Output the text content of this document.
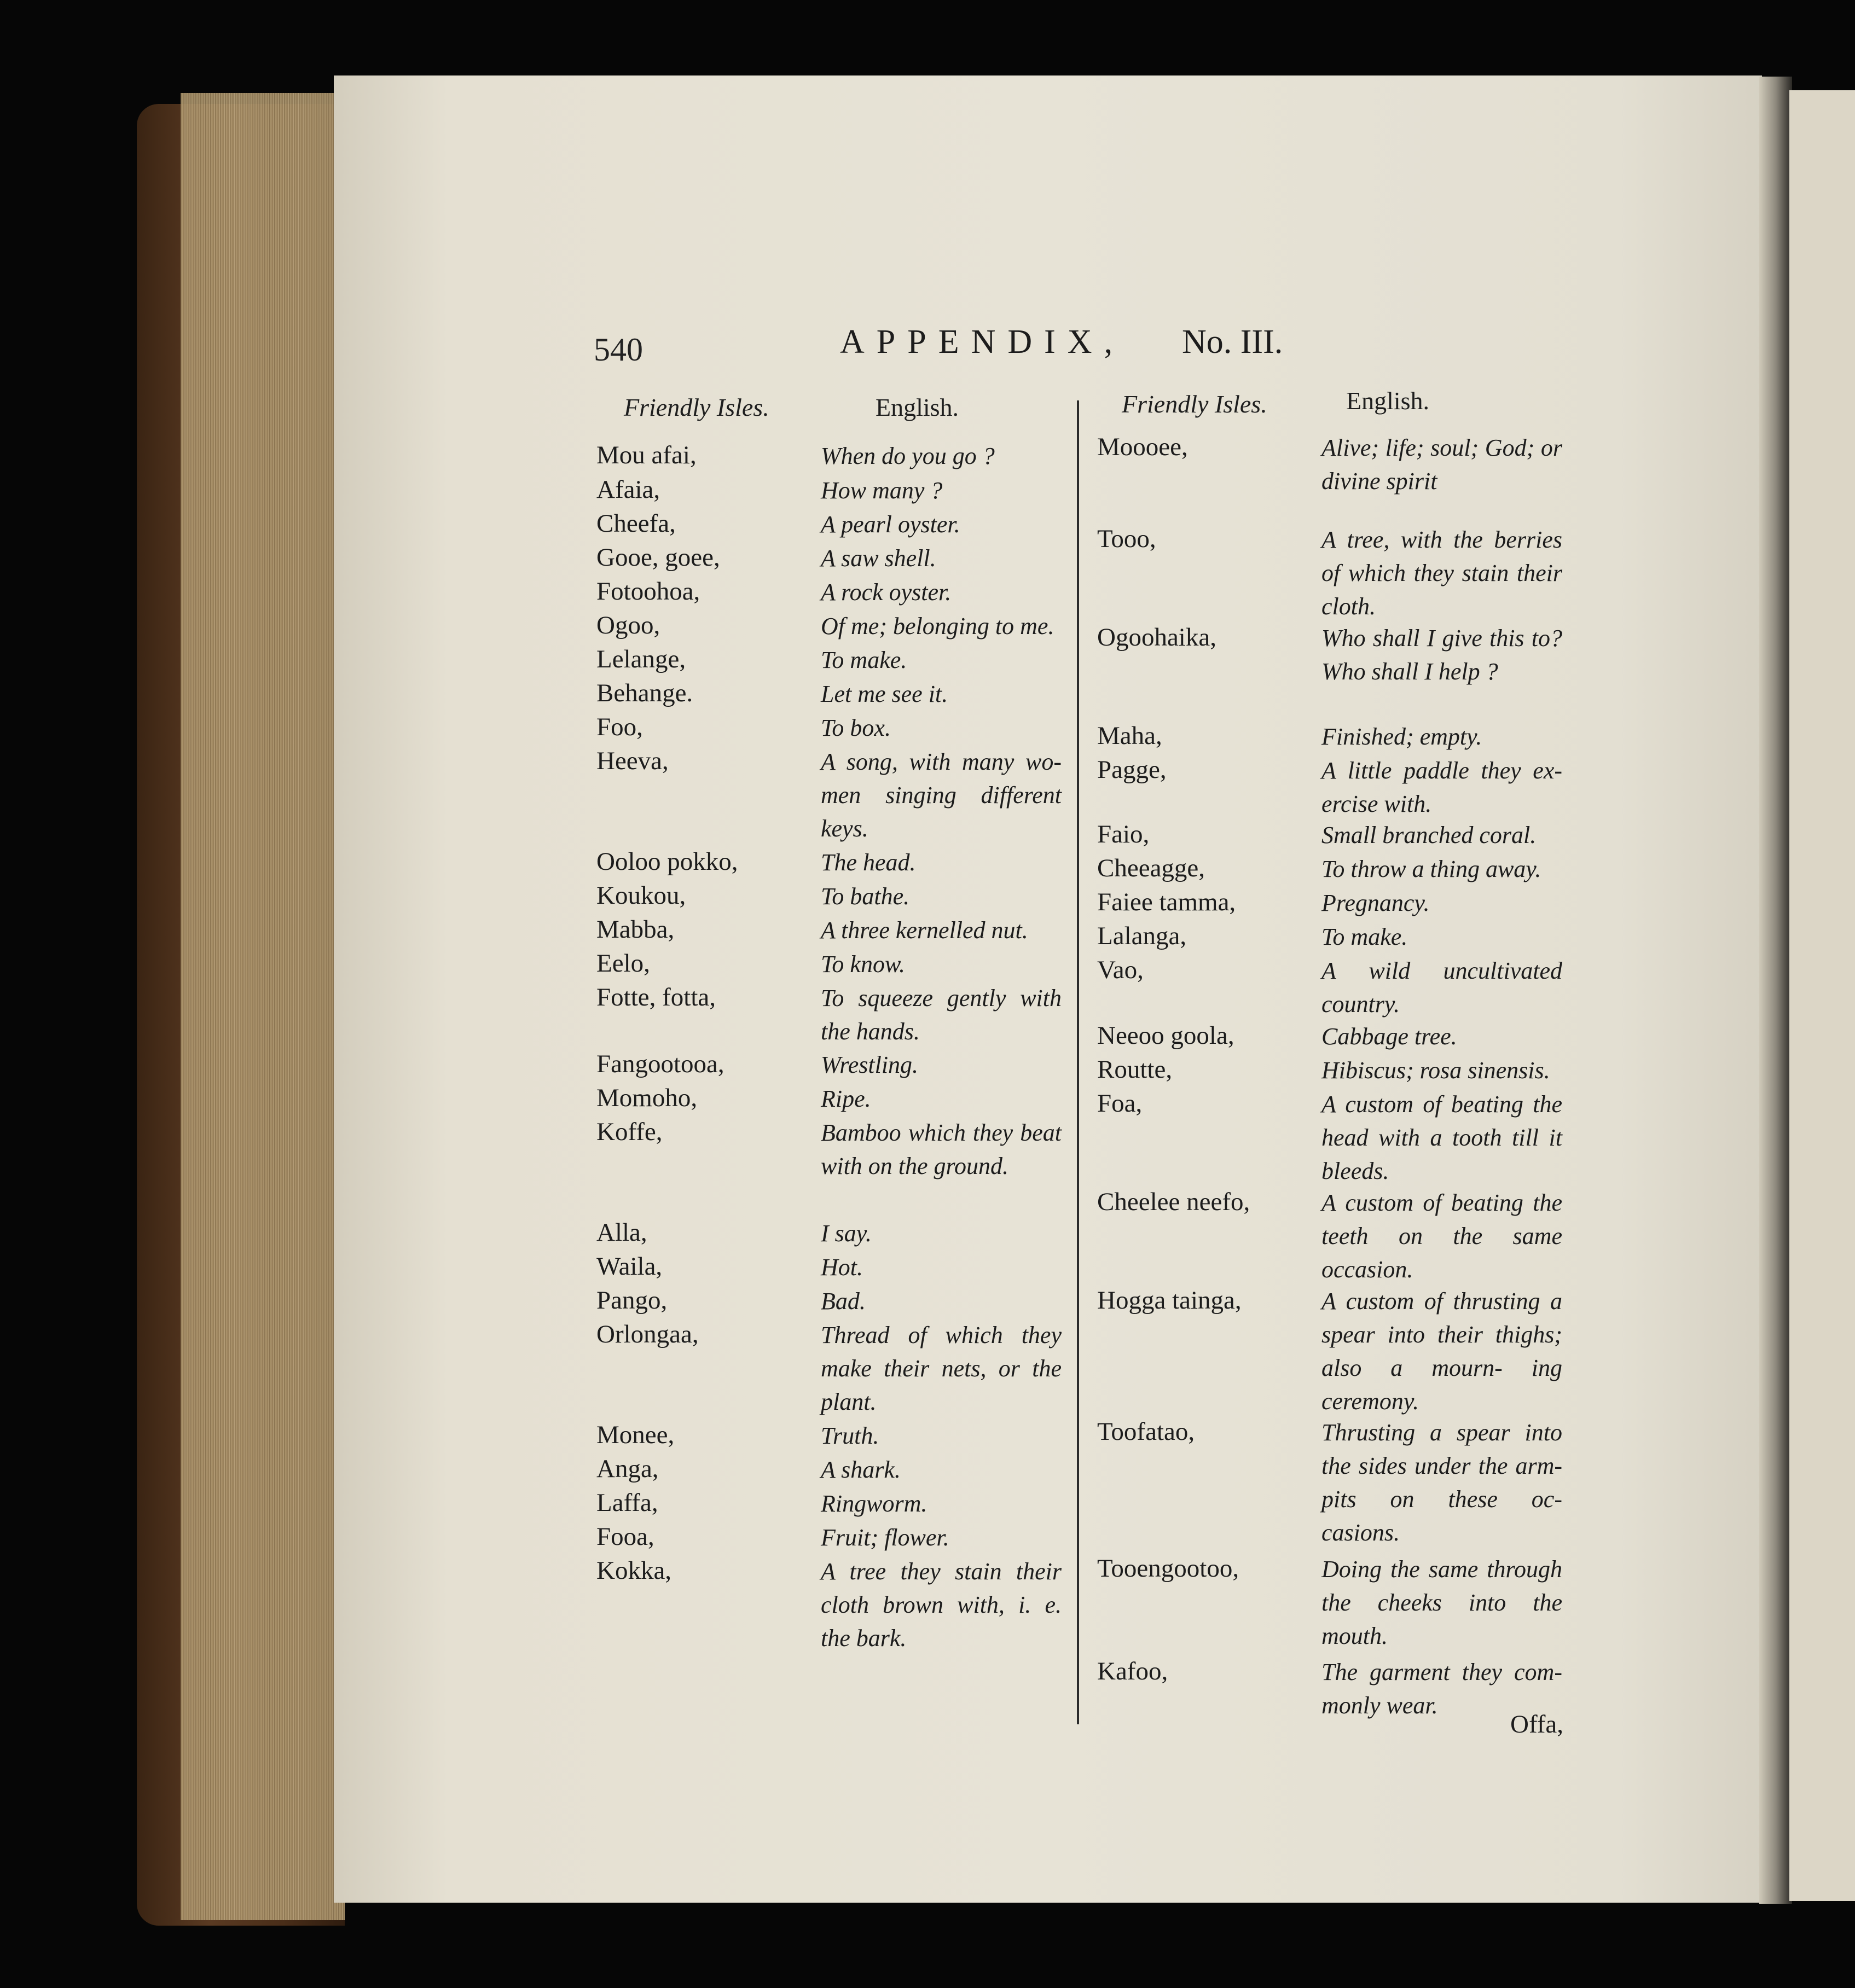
540	APPENDIX, No. III.
Friendly Isles.	English.	Friendly Isles.	English.
Mou afai,	When do you go ?
Afaia,	How many ?
Cheefa,	A pearl oyster.
Gooe, goee,	A saw shell.
Fotoohoa,	A rock oyster.
Ogoo,	Of me; belonging to me.
Lelange,	To make.
Behange.	Let me see it.
Foo,	To box.
Heeva,	A song, with many wo- men singing different keys.
Ooloo pokko,	The head.
Koukou,	To bathe.
Mabba,	A three kernelled nut.
Eelo,	To know.
Fotte, fotta,	To squeeze gently with the hands.
Fangootooa,	Wrestling.
Momoho,	Ripe.
Koffe,	Bamboo which they beat with on the ground.
Alla,	I say.
Waila,	Hot.
Pango,	Bad.
Orlongaa,	Thread of which they make their nets, or the plant.
Monee,	Truth.
Anga,	A shark.
Laffa,	Ringworm.
Fooa,	Fruit; flower.
Kokka,	A tree they stain their cloth brown with, i. e. the bark.
Moooee,	Alive; life; soul; God; or divine spirit
Tooo,	A tree, with the berries of which they stain their cloth.
Ogoohaika,	Who shall I give this to? Who shall I help ?
Maha,	Finished; empty.
Pagge,	A little paddle they ex- ercise with.
Faio,	Small branched coral.
Cheeagge,	To throw a thing away.
Faiee tamma,	Pregnancy.
Lalanga,	To make.
Vao,	A wild uncultivated country.
Neeoo goola,	Cabbage tree.
Routte,	Hibiscus; rosa sinensis.
Foa,	A custom of beating the head with a tooth till it bleeds.
Cheelee neefo,	A custom of beating the teeth on the same occasion.
Hogga tainga,	A custom of thrusting a spear into their thighs; also a mourn- ing ceremony.
Toofatao,	Thrusting a spear into the sides under the arm-pits on these oc- casions.
Tooengootoo,	Doing the same through the cheeks into the mouth.
Kafoo,	The garment they com- monly wear.
Offa,
